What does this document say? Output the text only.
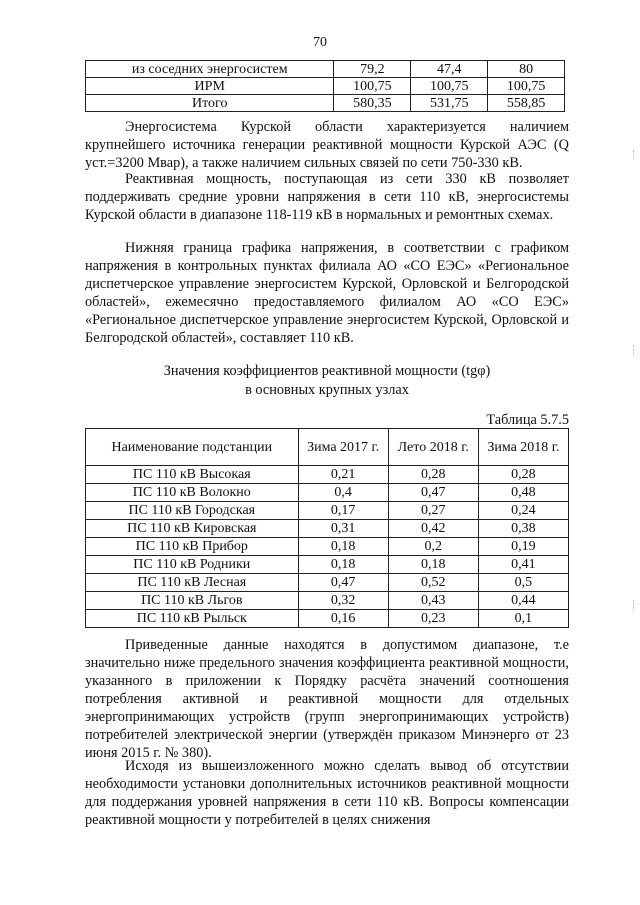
70
из соседних энергосистем	79,2	47,4	80
ИРМ	100,75	100,75	100,75
Итого	580,35	531,75	558,85

Энергосистема Курской области характеризуется наличием крупнейшего источника генерации реактивной мощности Курской АЭС (Q уст.=3200 Мвар), а также наличием сильных связей по сети 750-330 кВ.

Реактивная мощность, поступающая из сети 330 кВ позволяет поддерживать средние уровни напряжения в сети 110 кВ, энергосистемы Курской области в диапазоне 118-119 кВ в нормальных и ремонтных схемах.

Нижняя граница графика напряжения, в соответствии с графиком напряжения в контрольных пунктах филиала АО «СО ЕЭС» «Региональное диспетчерское управление энергосистем Курской, Орловской и Белгородской областей», ежемесячно предоставляемого филиалом АО «СО ЕЭС» «Региональное диспетчерское управление энергосистем Курской, Орловской и Белгородской областей», составляет 110 кВ.

Значения коэффициентов реактивной мощности (tgφ)
в основных крупных узлах
Таблица 5.7.5
Наименование подстанции	Зима 2017 г.	Лето 2018 г.	Зима 2018 г.
ПС 110 кВ Высокая	0,21	0,28	0,28
ПС 110 кВ Волокно	0,4	0,47	0,48
ПС 110 кВ Городская	0,17	0,27	0,24
ПС 110 кВ Кировская	0,31	0,42	0,38
ПС 110 кВ Прибор	0,18	0,2	0,19
ПС 110 кВ Родники	0,18	0,18	0,41
ПС 110 кВ Лесная	0,47	0,52	0,5
ПС 110 кВ Льгов	0,32	0,43	0,44
ПС 110 кВ Рыльск	0,16	0,23	0,1

Приведенные данные находятся в допустимом диапазоне, т.е значительно ниже предельного значения коэффициента реактивной мощности, указанного в приложении к Порядку расчёта значений соотношения потребления активной и реактивной мощности для отдельных энергопринимающих устройств (групп энергопринимающих устройств) потребителей электрической энергии (утверждён приказом Минэнерго от 23 июня 2015 г. № 380).

Исходя из вышеизложенного можно сделать вывод об отсутствии необходимости установки дополнительных источников реактивной мощности для поддержания уровней напряжения в сети 110 кВ. Вопросы компенсации реактивной мощности у потребителей в целях снижения
